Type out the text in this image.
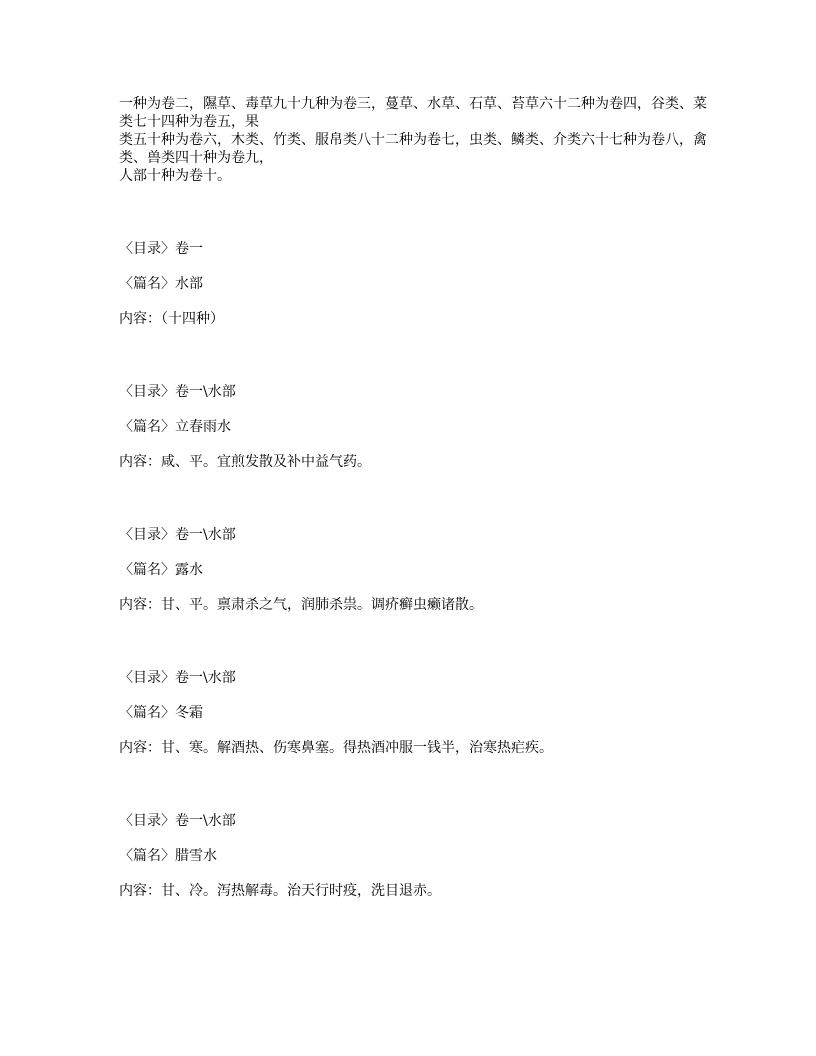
一种为卷二，隰草、毒草九十九种为卷三，蔓草、水草、石草、苔草六十二种为卷四，谷类、菜类七十四种为卷五，果

类五十种为卷六，木类、竹类、服帛类八十二种为卷七，虫类、鳞类、介类六十七种为卷八，禽类、兽类四十种为卷九，

人部十种为卷十。

〈目录〉卷一

〈篇名〉水部

内容：（十四种）

〈目录〉卷一\水部

〈篇名〉立春雨水

内容：咸、平。宜煎发散及补中益气药。

〈目录〉卷一\水部

〈篇名〉露水

内容：甘、平。禀肃杀之气，润肺杀祟。调疥癣虫癞诸散。

〈目录〉卷一\水部

〈篇名〉冬霜

内容：甘、寒。解酒热、伤寒鼻塞。得热酒冲服一钱半，治寒热疟疾。

〈目录〉卷一\水部

〈篇名〉腊雪水

内容：甘、冷。泻热解毒。治天行时疫，洗目退赤。
